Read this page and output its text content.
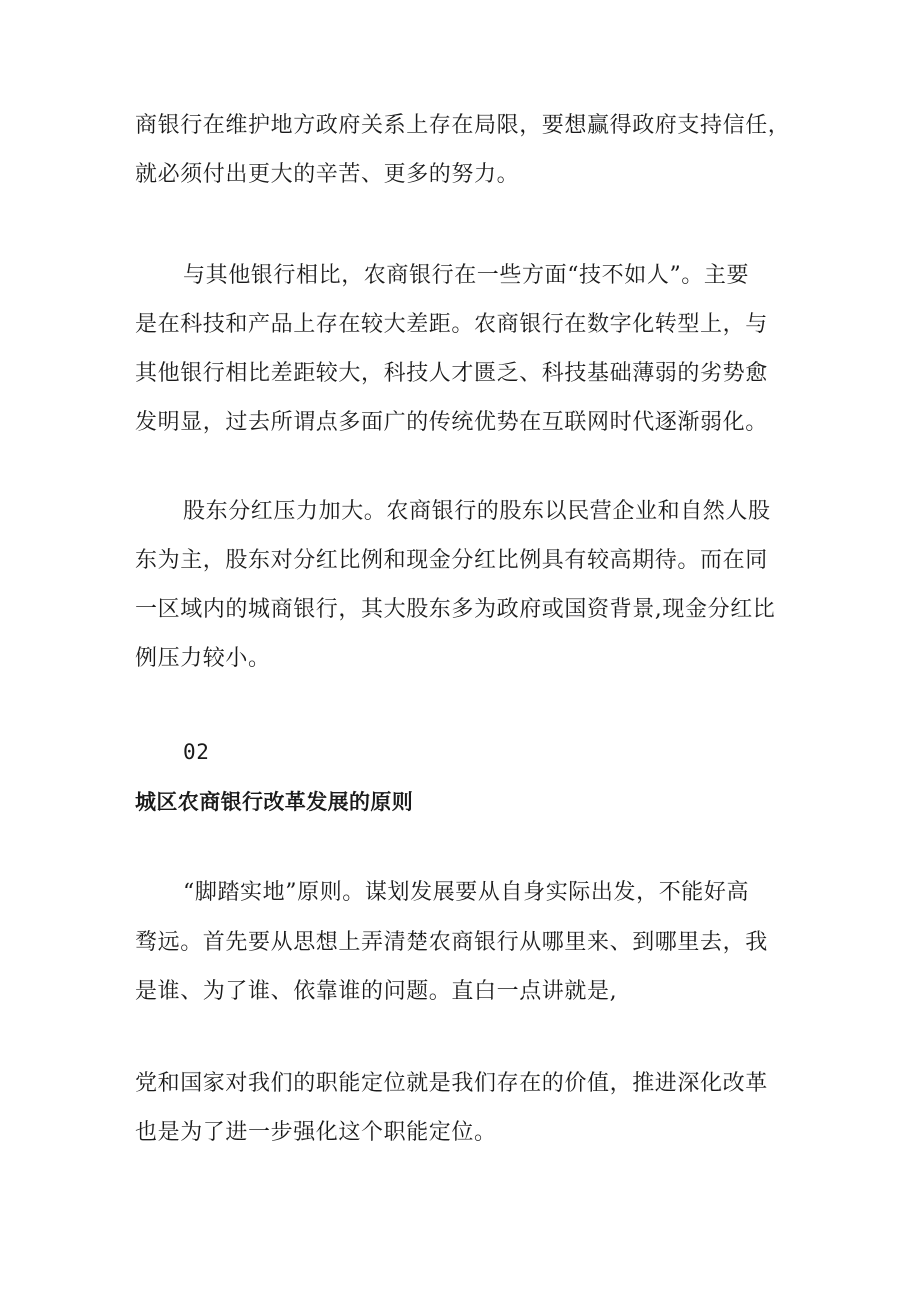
商银行在维护地方政府关系上存在局限，要想赢得政府支持信任，
就必须付出更大的辛苦、更多的努力。
与其他银行相比，农商银行在一些方面“技不如人”。主要
是在科技和产品上存在较大差距。农商银行在数字化转型上，与
其他银行相比差距较大，科技人才匮乏、科技基础薄弱的劣势愈
发明显，过去所谓点多面广的传统优势在互联网时代逐渐弱化。
股东分红压力加大。农商银行的股东以民营企业和自然人股
东为主，股东对分红比例和现金分红比例具有较高期待。而在同
一区域内的城商银行，其大股东多为政府或国资背景,现金分红比
例压力较小。
02
城区农商银行改革发展的原则
“脚踏实地”原则。谋划发展要从自身实际出发，不能好高
骛远。首先要从思想上弄清楚农商银行从哪里来、到哪里去，我
是谁、为了谁、依靠谁的问题。直白一点讲就是,
党和国家对我们的职能定位就是我们存在的价值，推进深化改革
也是为了进一步强化这个职能定位。
